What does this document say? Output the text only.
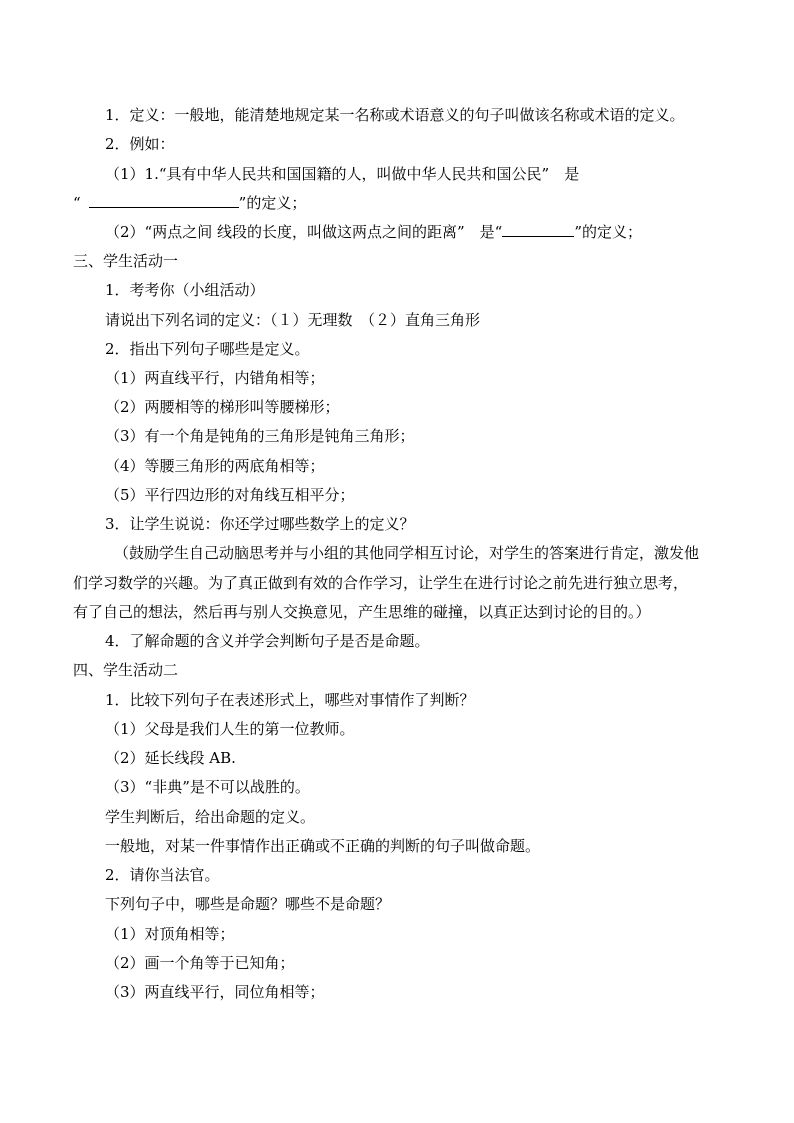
1．定义：一般地，能清楚地规定某一名称或术语意义的句子叫做该名称或术语的定义。
2．例如：
（1）1.“具有中华人民共和国国籍的人，叫做中华人民共和国公民”　是
“	”的定义；
（2）“两点之间 线段的长度，叫做这两点之间的距离”　是“	”的定义；
三、学生活动一
1．考考你（小组活动）
请说出下列名词的定义：（１）无理数　（２）直角三角形
2．指出下列句子哪些是定义。
（1）两直线平行，内错角相等；
（2）两腰相等的梯形叫等腰梯形；
（3）有一个角是钝角的三角形是钝角三角形；
（4）等腰三角形的两底角相等；
（5）平行四边形的对角线互相平分；
3．让学生说说：你还学过哪些数学上的定义？
（鼓励学生自己动脑思考并与小组的其他同学相互讨论，对学生的答案进行肯定，激发他
们学习数学的兴趣。为了真正做到有效的合作学习，让学生在进行讨论之前先进行独立思考，
有了自己的想法，然后再与别人交换意见，产生思维的碰撞，以真正达到讨论的目的。）
4．了解命题的含义并学会判断句子是否是命题。
四、学生活动二
1．比较下列句子在表述形式上，哪些对事情作了判断？
（1）父母是我们人生的第一位教师。
（2）延长线段 AB.
（3）“非典”是不可以战胜的。
学生判断后，给出命题的定义。
一般地，对某一件事情作出正确或不正确的判断的句子叫做命题。
2．请你当法官。
下列句子中，哪些是命题？哪些不是命题？
（1）对顶角相等；
（2）画一个角等于已知角；
（3）两直线平行，同位角相等；
